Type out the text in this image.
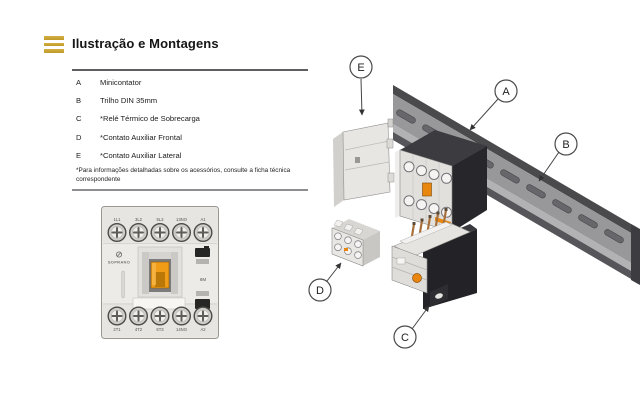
Ilustração e Montagens
A	Minicontator
B	Trilho DIN 35mm
C	*Relé Térmico de Sobrecarga
D	*Contato Auxiliar Frontal
E	*Contato Auxiliar Lateral
*Para informações detalhadas sobre os acessórios, consulte a ficha técnica correspondente
1L1	3L2	5L3	13NO	A1
SOPRANO
6M
2T1	4T2	6T3	14NO	A2
E
A
B
D
C
